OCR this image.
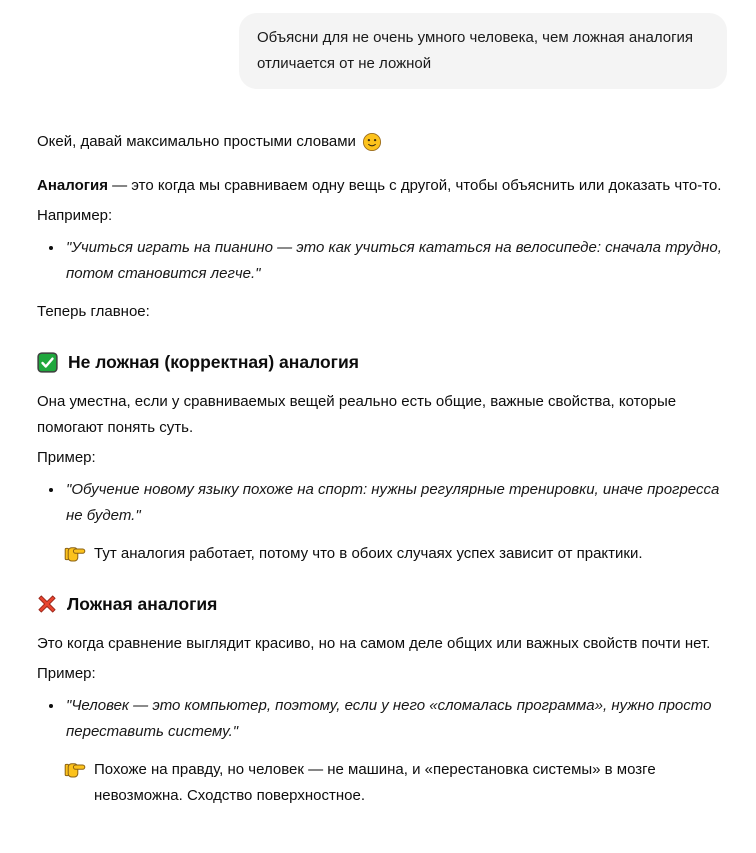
Объясни для не очень умного человека, чем ложная аналогия отличается от не ложной

Окей, давай максимально простыми словами

Аналогия — это когда мы сравниваем одну вещь с другой, чтобы объяснить или доказать что-то.

Например:

• "Учиться играть на пианино — это как учиться кататься на велосипеде: сначала трудно, потом становится легче."

Теперь главное:

Не ложная (корректная) аналогия

Она уместна, если у сравниваемых вещей реально есть общие, важные свойства, которые помогают понять суть.

Пример:

• "Обучение новому языку похоже на спорт: нужны регулярные тренировки, иначе прогресса не будет."
Тут аналогия работает, потому что в обоих случаях успех зависит от практики.
Ложная аналогия

Это когда сравнение выглядит красиво, но на самом деле общих или важных свойств почти нет.

Пример:

• "Человек — это компьютер, поэтому, если у него «сломалась программа», нужно просто переставить систему."
Похоже на правду, но человек — не машина, и «перестановка системы» в мозге невозможна. Сходство поверхностное.
